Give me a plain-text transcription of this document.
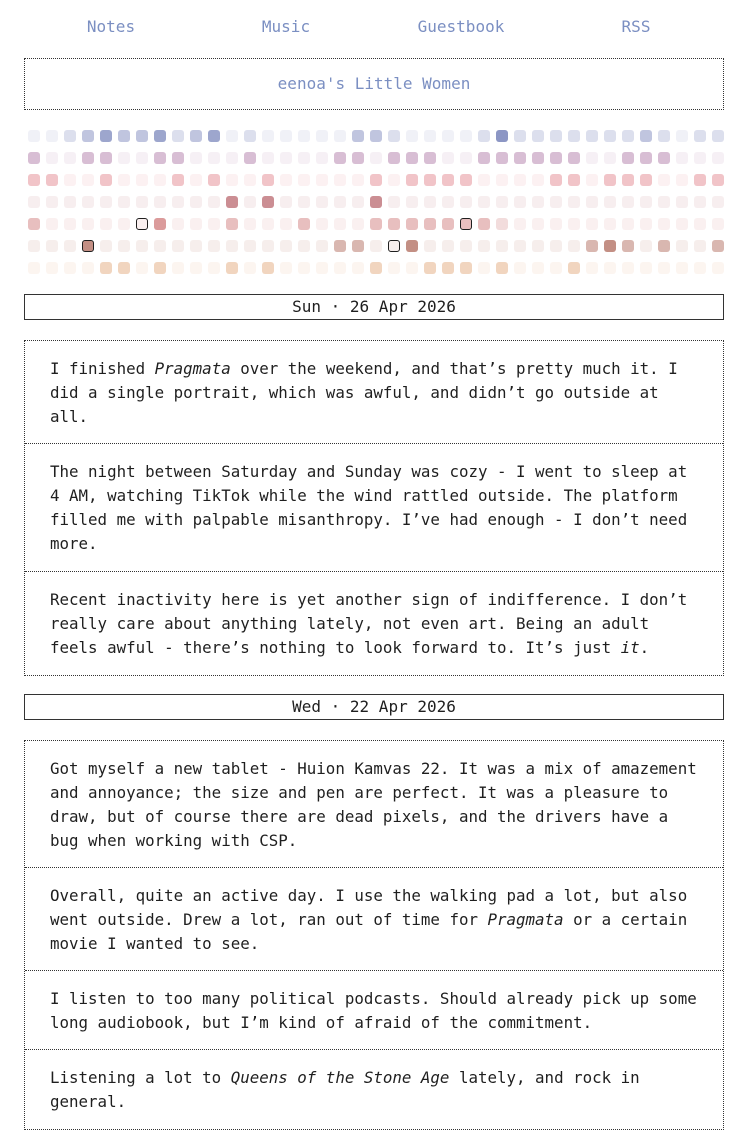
Notes	Music	Guestbook	RSS
eenoa's Little Women
Sun · 26 Apr 2026

I finished Pragmata over the weekend, and that’s pretty much it. I did a single portrait, which was awful, and didn’t go outside at all.

The night between Saturday and Sunday was cozy - I went to sleep at 4 AM, watching TikTok while the wind rattled outside. The platform filled me with palpable misanthropy. I’ve had enough - I don’t need more.

Recent inactivity here is yet another sign of indifference. I don’t really care about anything lately, not even art. Being an adult feels awful - there’s nothing to look forward to. It’s just it.

Wed · 22 Apr 2026

Got myself a new tablet - Huion Kamvas 22. It was a mix of amazement and annoyance; the size and pen are perfect. It was a pleasure to draw, but of course there are dead pixels, and the drivers have a bug when working with CSP.

Overall, quite an active day. I use the walking pad a lot, but also went outside. Drew a lot, ran out of time for Pragmata or a certain movie I wanted to see.

I listen to too many political podcasts. Should already pick up some long audiobook, but I’m kind of afraid of the commitment.

Listening a lot to Queens of the Stone Age lately, and rock in general.
